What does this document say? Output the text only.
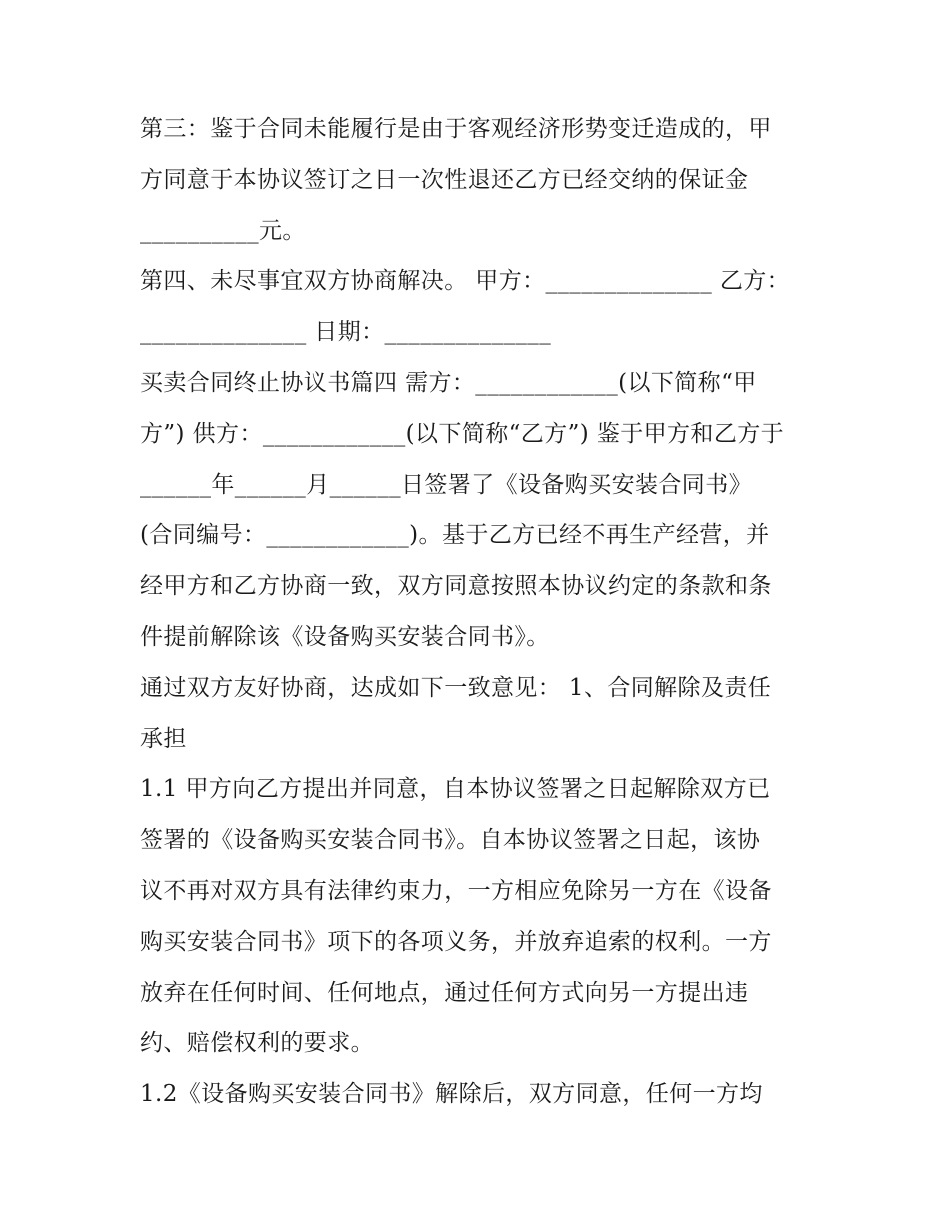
第三：鉴于合同未能履行是由于客观经济形势变迁造成的，甲
方同意于本协议签订之日一次性退还乙方已经交纳的保证金
__________元。
第四、未尽事宜双方协商解决。 甲方：______________ 乙方：
______________ 日期：______________
买卖合同终止协议书篇四 需方：____________(以下简称“甲
方”) 供方：____________(以下简称“乙方”) 鉴于甲方和乙方于
______年______月______日签署了《设备购买安装合同书》
(合同编号：____________)。基于乙方已经不再生产经营，并
经甲方和乙方协商一致，双方同意按照本协议约定的条款和条
件提前解除该《设备购买安装合同书》。
通过双方友好协商，达成如下一致意见： 1、合同解除及责任
承担
1.1 甲方向乙方提出并同意，自本协议签署之日起解除双方已
签署的《设备购买安装合同书》。自本协议签署之日起，该协
议不再对双方具有法律约束力，一方相应免除另一方在《设备
购买安装合同书》项下的各项义务，并放弃追索的权利。一方
放弃在任何时间、任何地点，通过任何方式向另一方提出违
约、赔偿权利的要求。
1.2《设备购买安装合同书》解除后，双方同意，任何一方均
